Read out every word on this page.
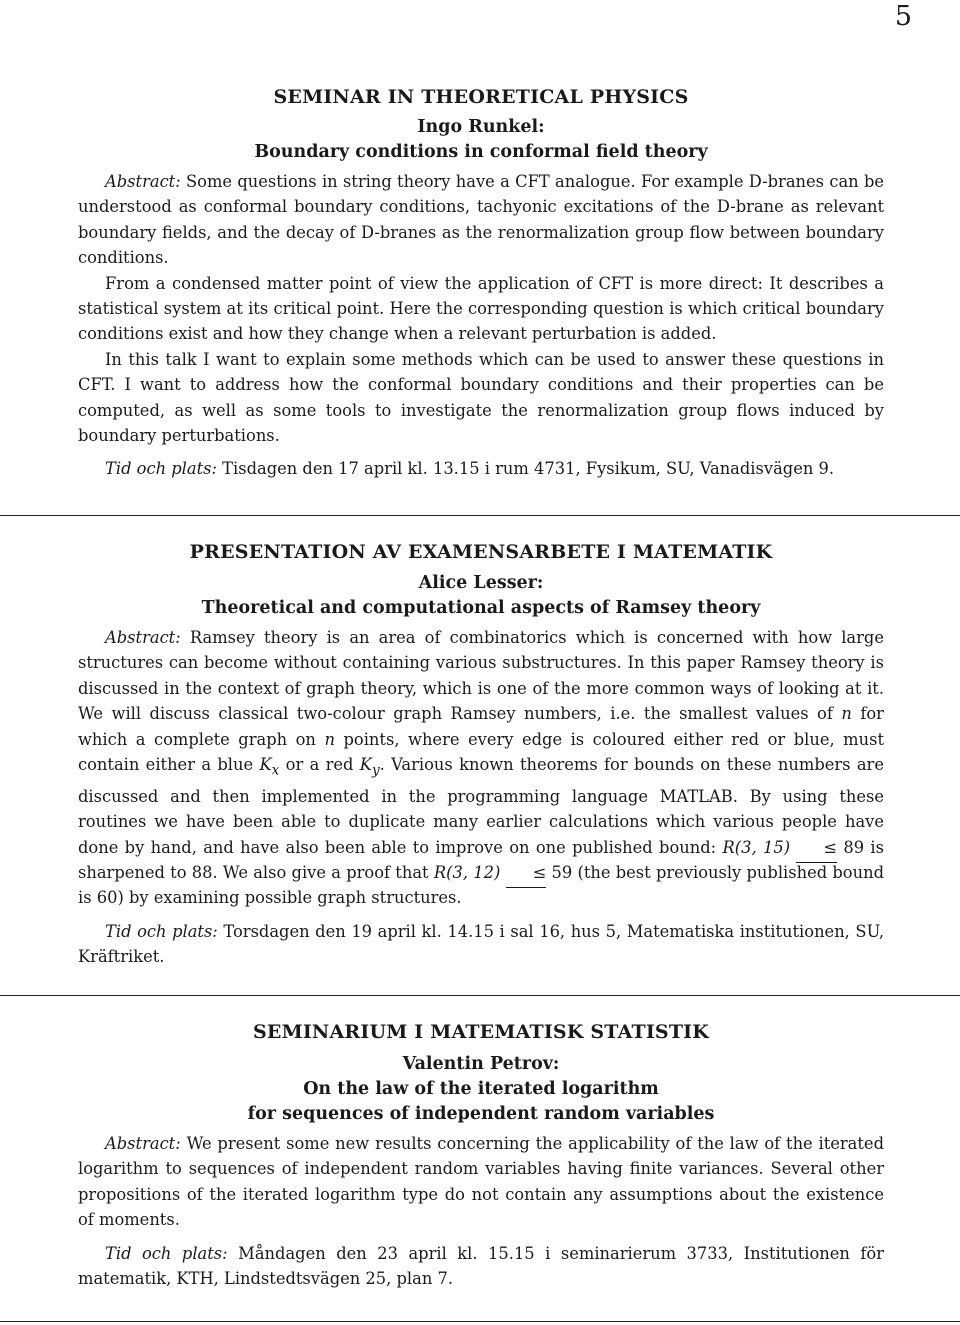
5
SEMINAR IN THEORETICAL PHYSICS
Ingo Runkel:
Boundary conditions in conformal field theory

Abstract: Some questions in string theory have a CFT analogue. For example D-branes can be understood as conformal boundary conditions, tachyonic excitations of the D-brane as relevant boundary fields, and the decay of D-branes as the renormalization group flow between boundary conditions.

From a condensed matter point of view the application of CFT is more direct: It describes a statistical system at its critical point. Here the corresponding question is which critical boundary conditions exist and how they change when a relevant perturbation is added.

In this talk I want to explain some methods which can be used to answer these questions in CFT. I want to address how the conformal boundary conditions and their properties can be computed, as well as some tools to investigate the renormalization group flows induced by boundary perturbations.

Tid och plats: Tisdagen den 17 april kl. 13.15 i rum 4731, Fysikum, SU, Vanadisvägen 9.
PRESENTATION AV EXAMENSARBETE I MATEMATIK
Alice Lesser:
Theoretical and computational aspects of Ramsey theory

Abstract: Ramsey theory is an area of combinatorics which is concerned with how large structures can become without containing various substructures. In this paper Ramsey theory is discussed in the context of graph theory, which is one of the more common ways of looking at it. We will discuss classical two-colour graph Ramsey numbers, i.e. the smallest values of n for which a complete graph on n points, where every edge is coloured either red or blue, must contain either a blue $K_x$ or a red $K_y$. Various known theorems for bounds on these numbers are discussed and then implemented in the programming language MATLAB. By using these routines we have been able to duplicate many earlier calculations which various people have done by hand, and have also been able to improve on one published bound: R(3, 15) ≤ 89 is sharpened to 88. We also give a proof that R(3, 12) ≤ 59 (the best previously published bound is 60) by examining possible graph structures.

Tid och plats: Torsdagen den 19 april kl. 14.15 i sal 16, hus 5, Matematiska institutionen, SU, Kräftriket.
SEMINARIUM I MATEMATISK STATISTIK
Valentin Petrov:
On the law of the iterated logarithm
for sequences of independent random variables

Abstract: We present some new results concerning the applicability of the law of the iterated logarithm to sequences of independent random variables having finite variances. Several other propositions of the iterated logarithm type do not contain any assumptions about the existence of moments.

Tid och plats: Måndagen den 23 april kl. 15.15 i seminarierum 3733, Institutionen för matematik, KTH, Lindstedtsvägen 25, plan 7.
